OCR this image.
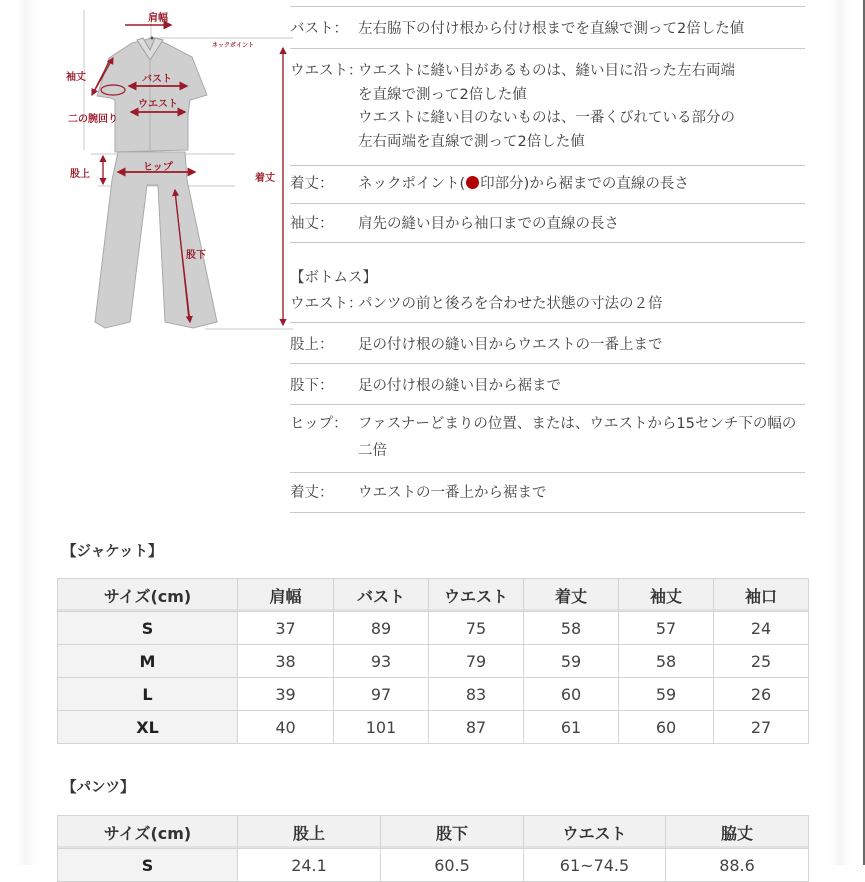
肩幅
ネックポイント
袖丈	バスト
ウエスト
二の腕回り
股上
ヒップ
着丈
股下
バスト： 左右脇下の付け根から付け根までを直線で測って2倍した値
ウエスト：
ウエストに縫い目があるものは、縫い目に沿った左右両端
を直線で測って2倍した値
ウエストに縫い目のないものは、一番くびれている部分の
左右両端を直線で測って2倍した値
着丈： ネックポイント( 印部分)から裾までの直線の長さ
袖丈： 肩先の縫い目から袖口までの直線の長さ
【ボトムス】
ウエスト：
パンツの前と後ろを合わせた状態の寸法の２倍
股上： 足の付け根の縫い目からウエストの一番上まで
股下： 足の付け根の縫い目から裾まで
ヒップ： ファスナーどまりの位置、または、ウエストから15センチ下の幅の
二倍
着丈： ウエストの一番上から裾まで
【ジャケット】
サイズ(cm)	肩幅	バスト	ウエスト	着丈	袖丈	袖口
S	37	89	75	58	57	24
M	38	93	79	59	58	25
L	39	97	83	60	59	26
XL	40	101	87	61	60	27
【パンツ】
サイズ(cm)	股上	股下	ウエスト	脇丈
S	24.1	60.5	61~74.5	88.6
